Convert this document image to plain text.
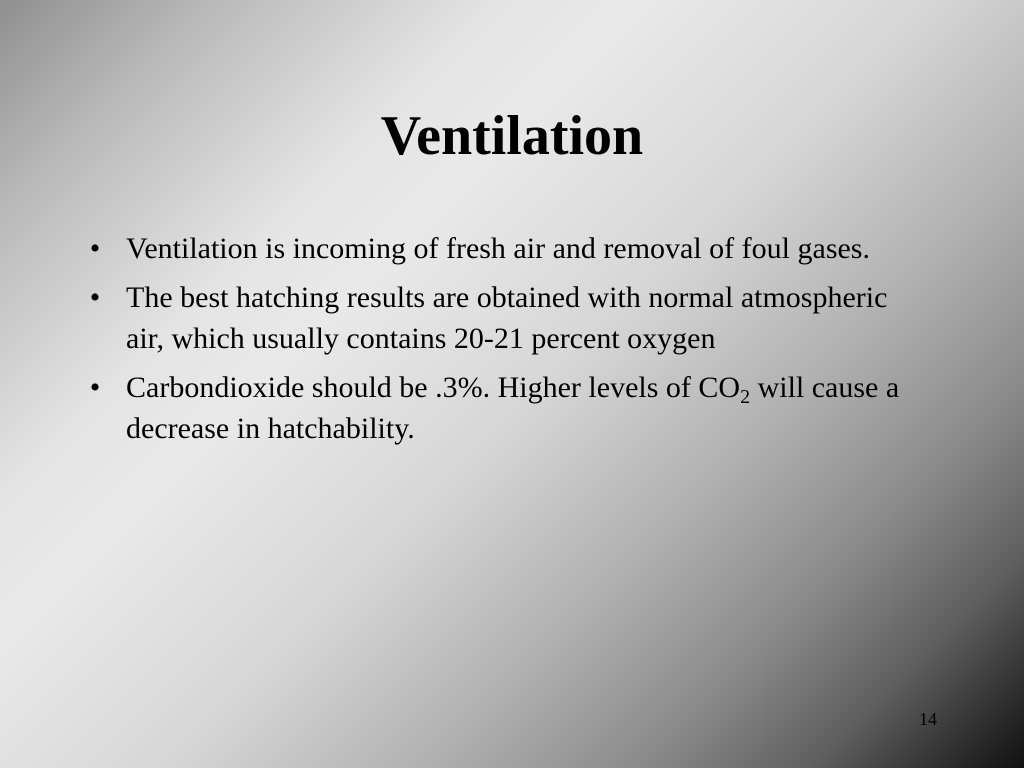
Ventilation
• Ventilation is incoming of fresh air and removal of foul gases.
• The best hatching results are obtained with normal atmospheric air, which usually contains 20-21 percent oxygen
• Carbondioxide should be .3%. Higher levels of $CO_2$ will cause a decrease in hatchability.
14
